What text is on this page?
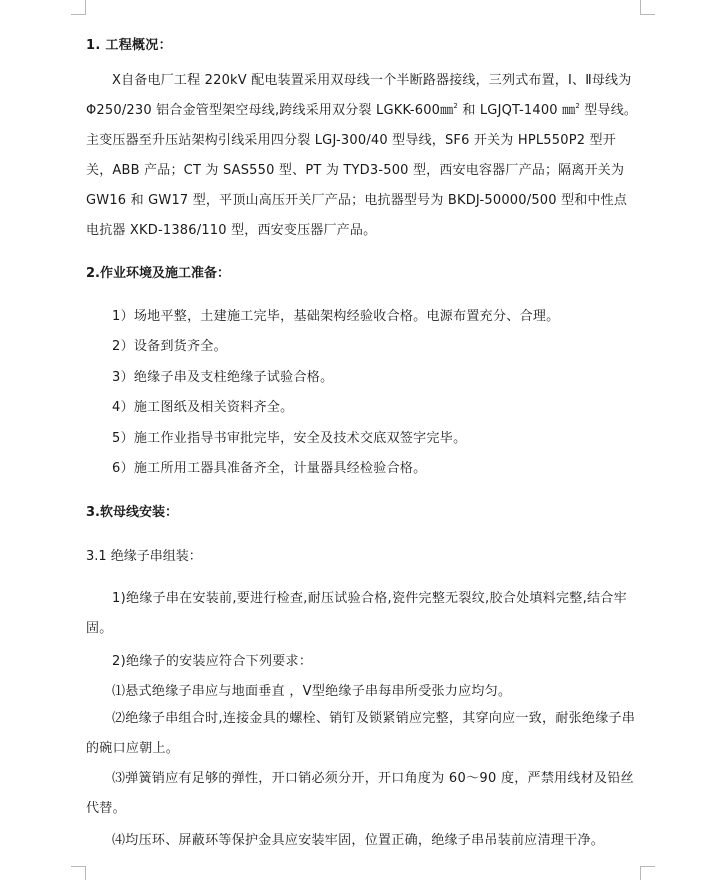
1. 工程概况：
X自备电厂工程 220kV 配电装置采用双母线一个半断路器接线，三列式布置，Ⅰ、Ⅱ母线为Φ250/230 铝合金管型架空母线,跨线采用双分裂 LGKK-600㎜$^2$ 和 LGJQT-1400 ㎜$^2$ 型导线。主变压器至升压站架构引线采用四分裂 LGJ-300/40 型导线，SF6 开关为 HPL550P2 型开关，ABB 产品；CT 为 SAS550 型、PT 为 TYD3-500 型，西安电容器厂产品；隔离开关为 GW16 和 GW17 型，平顶山高压开关厂产品；电抗器型号为 BKDJ-50000/500 型和中性点电抗器 XKD-1386/110 型，西安变压器厂产品。
2.作业环境及施工准备：
1）场地平整，土建施工完毕，基础架构经验收合格。电源布置充分、合理。
2）设备到货齐全。
3）绝缘子串及支柱绝缘子试验合格。
4）施工图纸及相关资料齐全。
5）施工作业指导书审批完毕，安全及技术交底双签字完毕。
6）施工所用工器具准备齐全，计量器具经检验合格。
3.软母线安装：
3.1 绝缘子串组装：
1)绝缘子串在安装前,要进行检查,耐压试验合格,瓷件完整无裂纹,胶合处填料完整,结合牢固。
2)绝缘子的安装应符合下列要求：
⑴悬式绝缘子串应与地面垂直 ，V型绝缘子串每串所受张力应均匀。
⑵绝缘子串组合时,连接金具的螺栓、销钉及锁紧销应完整，其穿向应一致，耐张绝缘子串的碗口应朝上。
⑶弹簧销应有足够的弹性，开口销必须分开，开口角度为 60～90 度，严禁用线材及铅丝代替。
⑷均压环、屏蔽环等保护金具应安装牢固，位置正确，绝缘子串吊装前应清理干净。
